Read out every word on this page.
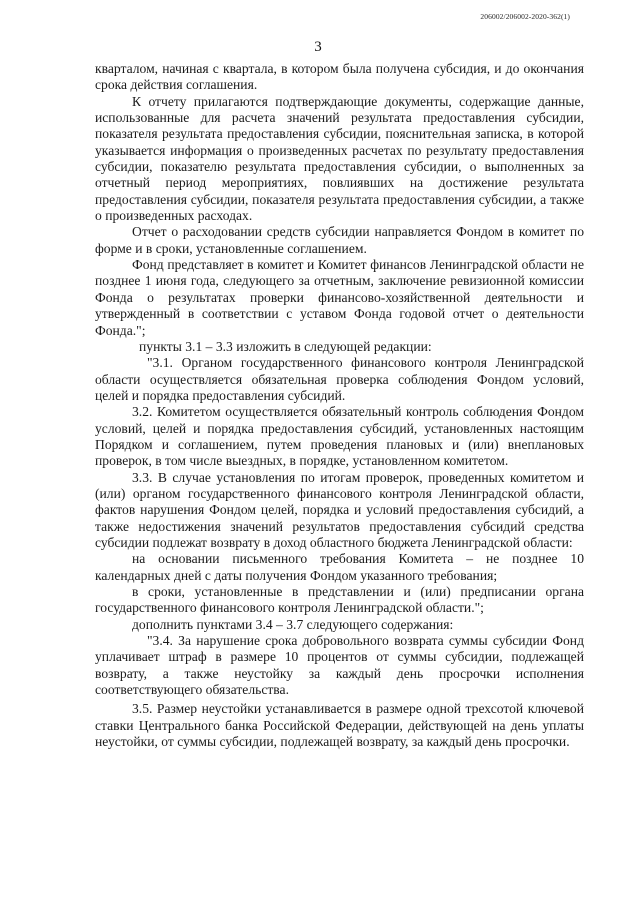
206002/206002-2020-362(1)
3

кварталом, начиная с квартала, в котором была получена субсидия, и до окончания срока действия соглашения.

К отчету прилагаются подтверждающие документы, содержащие данные, использованные для расчета значений результата предоставления субсидии, показателя результата предоставления субсидии, пояснительная записка, в которой указывается информация о произведенных расчетах по результату предоставления субсидии, показателю результата предоставления субсидии, о выполненных за отчетный период мероприятиях, повлиявших на достижение результата предоставления субсидии, показателя результата предоставления субсидии, а также о произведенных расходах.

Отчет о расходовании средств субсидии направляется Фондом в комитет по форме и в сроки, установленные соглашением.

Фонд представляет в комитет и Комитет финансов Ленинградской области не позднее 1 июня года, следующего за отчетным, заключение ревизионной комиссии Фонда о результатах проверки финансово-хозяйственной деятельности и утвержденный в соответствии с уставом Фонда годовой отчет о деятельности Фонда.";

пункты 3.1 – 3.3 изложить в следующей редакции:

"3.1. Органом государственного финансового контроля Ленинградской области осуществляется обязательная проверка соблюдения Фондом условий, целей и порядка предоставления субсидий.

3.2. Комитетом осуществляется обязательный контроль соблюдения Фондом условий, целей и порядка предоставления субсидий, установленных настоящим Порядком и соглашением, путем проведения плановых и (или) внеплановых проверок, в том числе выездных, в порядке, установленном комитетом.

3.3. В случае установления по итогам проверок, проведенных комитетом и (или) органом государственного финансового контроля Ленинградской области, фактов нарушения Фондом целей, порядка и условий предоставления субсидий, а также недостижения значений результатов предоставления субсидий средства субсидии подлежат возврату в доход областного бюджета Ленинградской области:

на основании письменного требования Комитета – не позднее 10 календарных дней с даты получения Фондом указанного требования;

в сроки, установленные в представлении и (или) предписании органа государственного финансового контроля Ленинградской области.";

дополнить пунктами 3.4 – 3.7 следующего содержания:

"3.4. За нарушение срока добровольного возврата суммы субсидии Фонд уплачивает штраф в размере 10 процентов от суммы субсидии, подлежащей возврату, а также неустойку за каждый день просрочки исполнения соответствующего обязательства.

3.5. Размер неустойки устанавливается в размере одной трехсотой ключевой ставки Центрального банка Российской Федерации, действующей на день уплаты неустойки, от суммы субсидии, подлежащей возврату, за каждый день просрочки.
